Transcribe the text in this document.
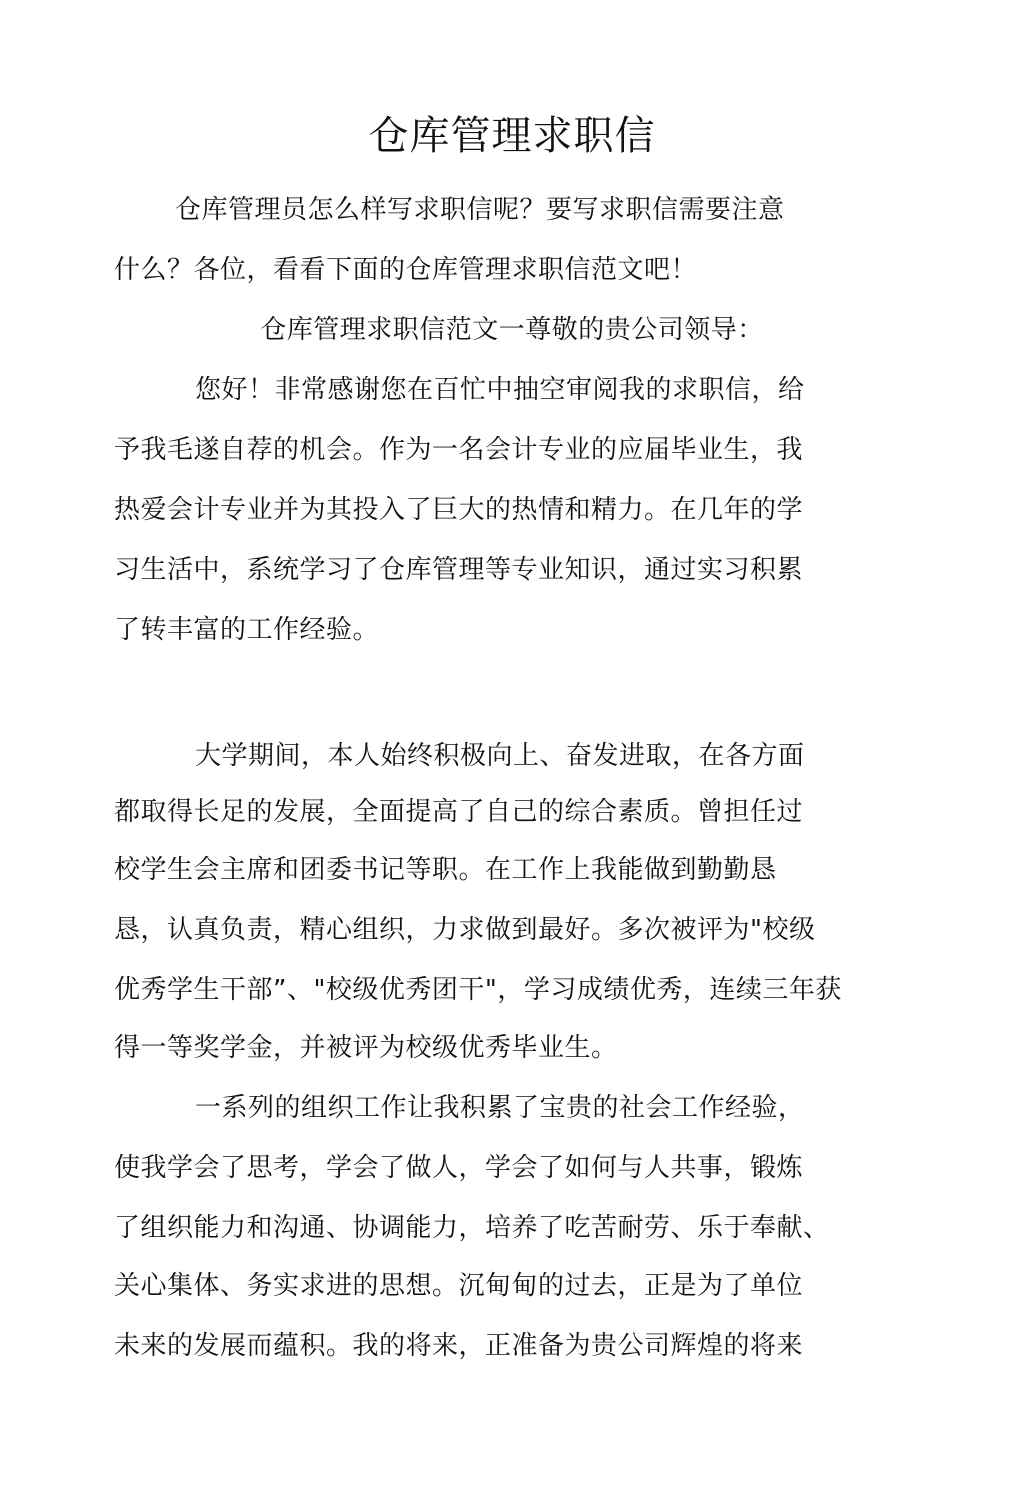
仓库管理求职信
仓库管理员怎么样写求职信呢？要写求职信需要注意
什么？各位，看看下面的仓库管理求职信范文吧！
仓库管理求职信范文一尊敬的贵公司领导：
您好！非常感谢您在百忙中抽空审阅我的求职信，给
予我毛遂自荐的机会。作为一名会计专业的应届毕业生，我
热爱会计专业并为其投入了巨大的热情和精力。在几年的学
习生活中，系统学习了仓库管理等专业知识，通过实习积累
了转丰富的工作经验。
大学期间，本人始终积极向上、奋发进取，在各方面
都取得长足的发展，全面提高了自己的综合素质。曾担任过
校学生会主席和团委书记等职。在工作上我能做到勤勤恳
恳，认真负责，精心组织，力求做到最好。多次被评为"校级
优秀学生干部”、"校级优秀团干"，学习成绩优秀，连续三年获
得一等奖学金，并被评为校级优秀毕业生。
一系列的组织工作让我积累了宝贵的社会工作经验，
使我学会了思考，学会了做人，学会了如何与人共事，锻炼
了组织能力和沟通、协调能力，培养了吃苦耐劳、乐于奉献、
关心集体、务实求进的思想。沉甸甸的过去，正是为了单位
未来的发展而蕴积。我的将来，正准备为贵公司辉煌的将来
